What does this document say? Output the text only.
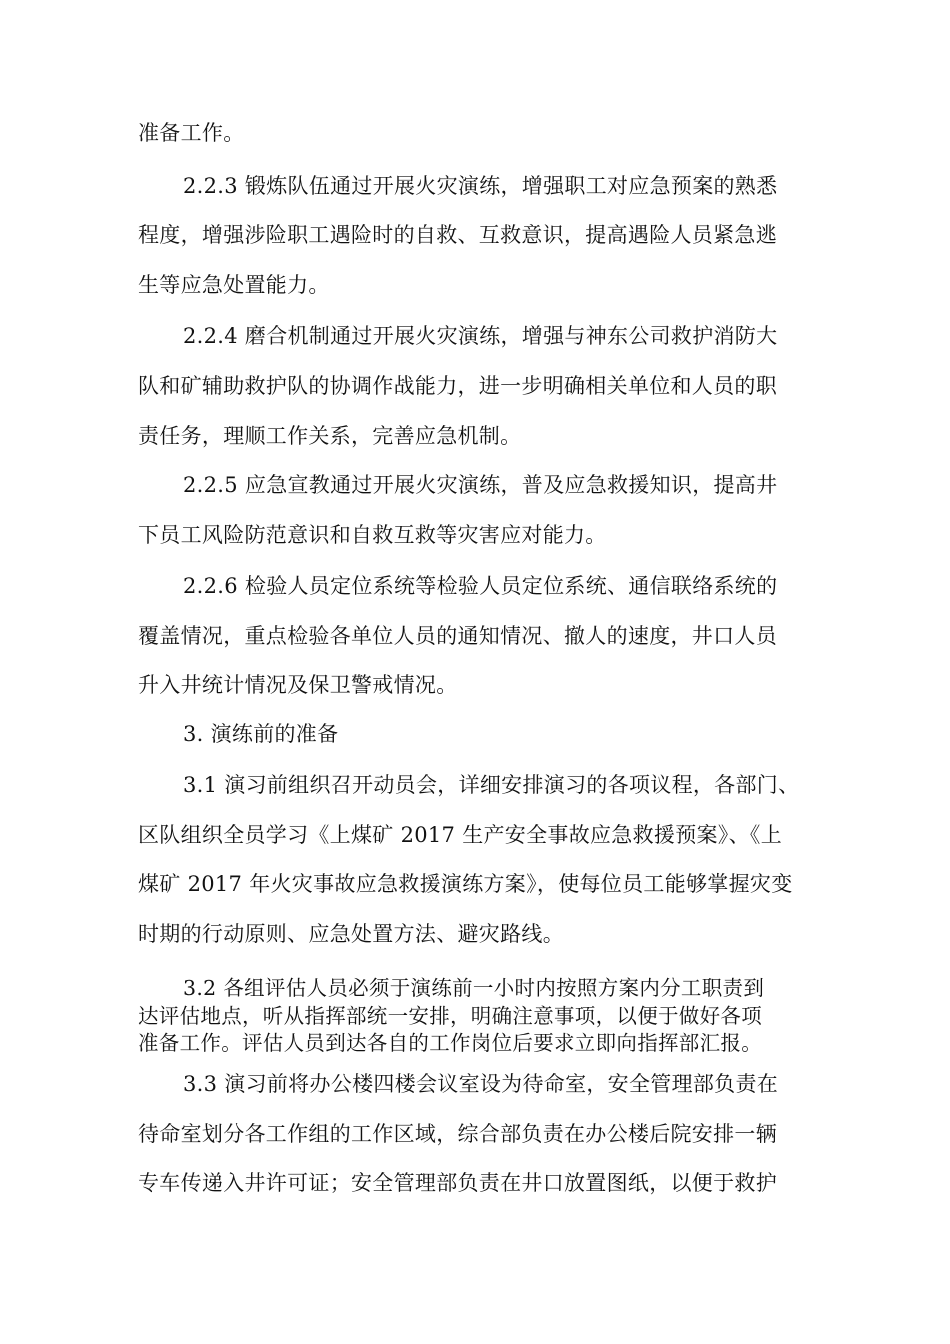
准备工作。
2.2.3 锻炼队伍通过开展火灾演练，增强职工对应急预案的熟悉
程度，增强涉险职工遇险时的自救、互救意识，提高遇险人员紧急逃
生等应急处置能力。
2.2.4 磨合机制通过开展火灾演练，增强与神东公司救护消防大
队和矿辅助救护队的协调作战能力，进一步明确相关单位和人员的职
责任务，理顺工作关系，完善应急机制。
2.2.5 应急宣教通过开展火灾演练，普及应急救援知识，提高井
下员工风险防范意识和自救互救等灾害应对能力。
2.2.6 检验人员定位系统等检验人员定位系统、通信联络系统的
覆盖情况，重点检验各单位人员的通知情况、撤人的速度，井口人员
升入井统计情况及保卫警戒情况。
3. 演练前的准备
3.1 演习前组织召开动员会，详细安排演习的各项议程，各部门、
区队组织全员学习《上煤矿 2017 生产安全事故应急救援预案》、《上
煤矿 2017 年火灾事故应急救援演练方案》，使每位员工能够掌握灾变
时期的行动原则、应急处置方法、避灾路线。
3.2 各组评估人员必须于演练前一小时内按照方案内分工职责到
达评估地点，听从指挥部统一安排，明确注意事项，以便于做好各项
准备工作。评估人员到达各自的工作岗位后要求立即向指挥部汇报。
3.3 演习前将办公楼四楼会议室设为待命室，安全管理部负责在
待命室划分各工作组的工作区域，综合部负责在办公楼后院安排一辆
专车传递入井许可证；安全管理部负责在井口放置图纸，以便于救护
